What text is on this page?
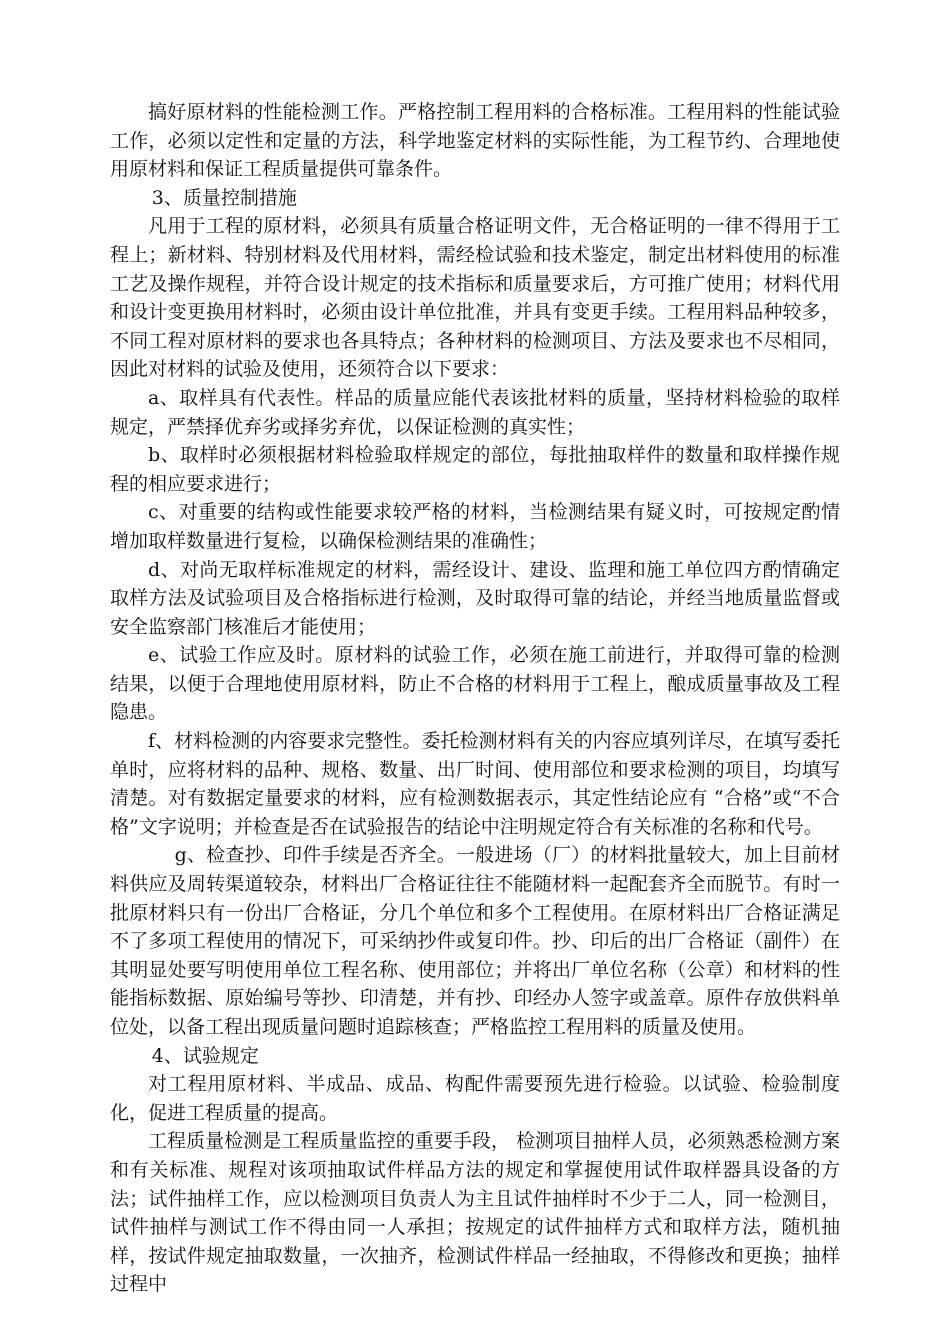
搞好原材料的性能检测工作。严格控制工程用料的合格标准。工程用料的性能试验工作，必须以定性和定量的方法，科学地鉴定材料的实际性能，为工程节约、合理地使用原材料和保证工程质量提供可靠条件。

3、质量控制措施

凡用于工程的原材料，必须具有质量合格证明文件，无合格证明的一律不得用于工程上；新材料、特别材料及代用材料，需经检试验和技术鉴定，制定出材料使用的标准工艺及操作规程，并符合设计规定的技术指标和质量要求后，方可推广使用；材料代用和设计变更换用材料时，必须由设计单位批准，并具有变更手续。工程用料品种较多，不同工程对原材料的要求也各具特点；各种材料的检测项目、方法及要求也不尽相同，因此对材料的试验及使用，还须符合以下要求：

a、取样具有代表性。样品的质量应能代表该批材料的质量，坚持材料检验的取样规定，严禁择优弃劣或择劣弃优，以保证检测的真实性；

b、取样时必须根据材料检验取样规定的部位，每批抽取样件的数量和取样操作规程的相应要求进行；

c、对重要的结构或性能要求较严格的材料，当检测结果有疑义时，可按规定酌情增加取样数量进行复检，以确保检测结果的准确性；

d、对尚无取样标准规定的材料，需经设计、建设、监理和施工单位四方酌情确定取样方法及试验项目及合格指标进行检测，及时取得可靠的结论，并经当地质量监督或安全监察部门核准后才能使用；

e、试验工作应及时。原材料的试验工作，必须在施工前进行，并取得可靠的检测结果，以便于合理地使用原材料，防止不合格的材料用于工程上，酿成质量事故及工程隐患。

f、材料检测的内容要求完整性。委托检测材料有关的内容应填列详尽，在填写委托单时，应将材料的品种、规格、数量、出厂时间、使用部位和要求检测的项目，均填写清楚。对有数据定量要求的材料，应有检测数据表示，其定性结论应有 “合格”或“不合格”文字说明；并检查是否在试验报告的结论中注明规定符合有关标准的名称和代号。

g、检查抄、印件手续是否齐全。一般进场（厂）的材料批量较大，加上目前材料供应及周转渠道较杂，材料出厂合格证往往不能随材料一起配套齐全而脱节。有时一批原材料只有一份出厂合格证，分几个单位和多个工程使用。在原材料出厂合格证满足不了多项工程使用的情况下，可采纳抄件或复印件。抄、印后的出厂合格证（副件）在其明显处要写明使用单位工程名称、使用部位；并将出厂单位名称（公章）和材料的性能指标数据、原始编号等抄、印清楚，并有抄、印经办人签字或盖章。原件存放供料单位处，以备工程出现质量问题时追踪核查；严格监控工程用料的质量及使用。

4、试验规定

对工程用原材料、半成品、成品、构配件需要预先进行检验。以试验、检验制度化，促进工程质量的提高。

工程质量检测是工程质量监控的重要手段， 检测项目抽样人员，必须熟悉检测方案和有关标准、规程对该项抽取试件样品方法的规定和掌握使用试件取样器具设备的方法；试件抽样工作，应以检测项目负责人为主且试件抽样时不少于二人，同一检测目，试件抽样与测试工作不得由同一人承担；按规定的试件抽样方式和取样方法，随机抽样，按试件规定抽取数量，一次抽齐，检测试件样品一经抽取，不得修改和更换；抽样过程中
